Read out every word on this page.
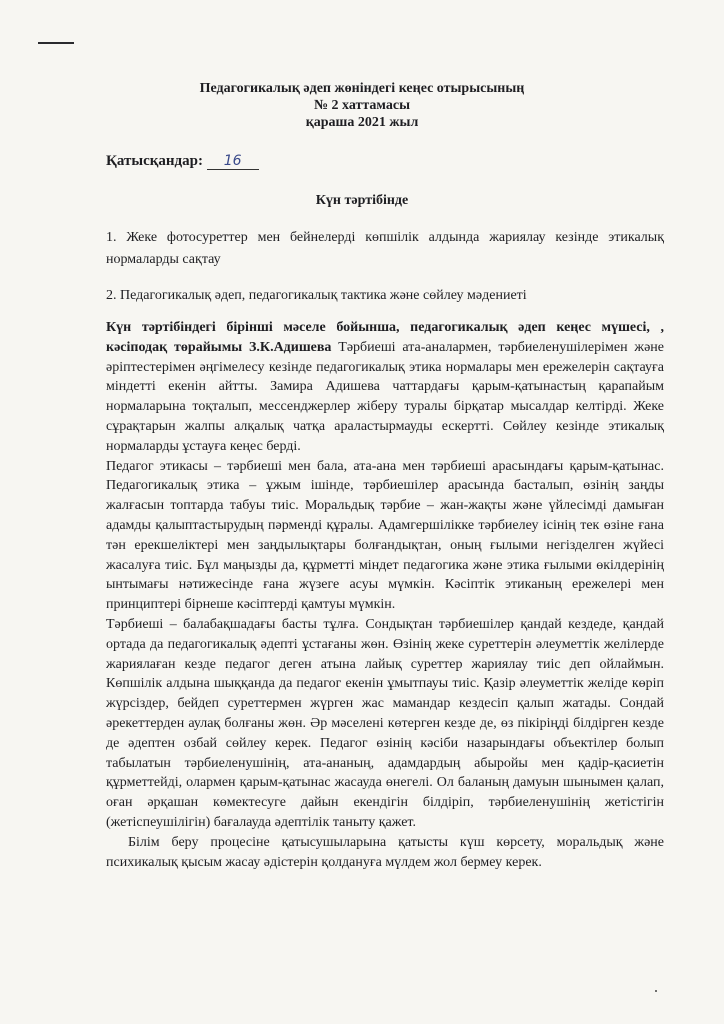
Педагогикалық әдеп жөніндегі кеңес отырысының
№ 2 хаттамасы
қараша 2021 жыл
Қатысқандар: 16
Күн тәртібінде
1. Жеке фотосуреттер мен бейнелерді көпшілік алдында жариялау кезінде этикалық нормаларды сақтау
2. Педагогикалық әдеп, педагогикалық тактика және сөйлеу мәдениеті

Күн тәртібіндегі бірінші мәселе бойынша, педагогикалық әдеп кеңес мүшесі, , кәсіподақ төрайымы З.К.Адишева Тәрбиеші ата-аналармен, тәрбиеленушілерімен және әріптестерімен әңгімелесу кезінде педагогикалық этика нормалары мен ережелерін сақтауға міндетті екенін айтты. Замира Адишева чаттардағы қарым-қатынастың қарапайым нормаларына тоқталып, мессенджерлер жіберу туралы бірқатар мысалдар келтірді. Жеке сұрақтарын жалпы алқалық чатқа араластырмауды ескертті. Сөйлеу кезінде этикалық нормаларды ұстауға кеңес берді.

Педагог этикасы – тәрбиеші мен бала, ата-ана мен тәрбиеші арасындағы қарым-қатынас. Педагогикалық этика – ұжым ішінде, тәрбиешілер арасында басталып, өзінің заңды жалғасын топтарда табуы тиіс. Моральдық тәрбие – жан-жақты және үйлесімді дамыған адамды қалыптастырудың пәрменді құралы. Адамгершілікке тәрбиелеу ісінің тек өзіне ғана тән ерекшеліктері мен заңдылықтары болғандықтан, оның ғылыми негізделген жүйесі жасалуға тиіс. Бұл маңызды да, құрметті міндет педагогика және этика ғылыми өкілдерінің ынтымағы нәтижесінде ғана жүзеге асуы мүмкін. Кәсіптік этиканың ережелері мен принциптері бірнеше кәсіптерді қамтуы мүмкін.

Тәрбиеші – балабақшадағы басты тұлға. Сондықтан тәрбиешілер қандай кездеде, қандай ортада да педагогикалық әдепті ұстағаны жөн. Өзінің жеке суреттерін әлеуметтік желілерде жариялаған кезде педагог деген атына лайық суреттер жариялау тиіс деп ойлаймын. Көпшілік алдына шыққанда да педагог екенін ұмытпауы тиіс. Қазір әлеуметтік желіде көріп жүрсіздер, бейдеп суреттермен жүрген жас мамандар кездесіп қалып жатады. Сондай әрекеттерден аулақ болғаны жөн. Әр мәселені көтерген кезде де, өз пікіріңді білдірген кезде де әдептен озбай сөйлеу керек. Педагог өзінің кәсіби назарындағы объектілер болып табылатын тәрбиеленушінің, ата-ананың, адамдардың абыройы мен қадір-қасиетін құрметтейді, олармен қарым-қатынас жасауда өнегелі. Ол баланың дамуын шынымен қалап, оған әрқашан көмектесуге дайын екендігін білдіріп, тәрбиеленушінің жетістігін (жетіспеушілігін) бағалауда әдептілік таныту қажет.

Білім беру процесіне қатысушыларына қатысты күш көрсету, моральдық және психикалық қысым жасау әдістерін қолдануға мүлдем жол бермеу керек.
